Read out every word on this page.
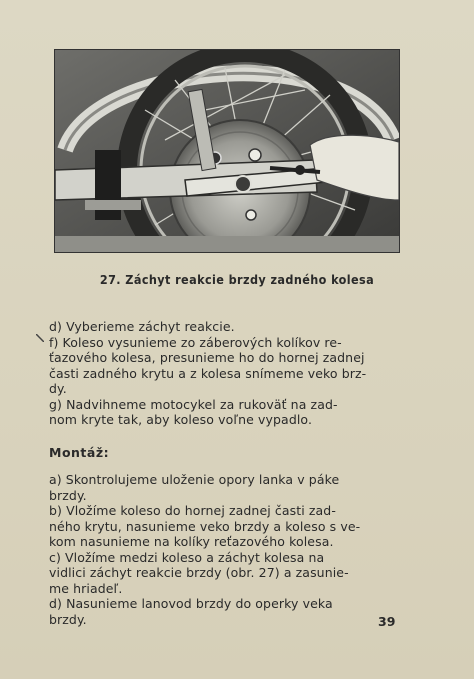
27. Záchyt reakcie brzdy zadného kolesa

d) Vyberieme záchyt reakcie.

f) Koleso vysunieme zo záberových kolíkov re-

ťazového kolesa, presunieme ho do hornej zadnej

časti zadného krytu a z kolesa snímeme veko brz-

dy.

g) Nadvihneme motocykel za rukoväť na zad-

nom kryte tak, aby koleso voľne vypadlo.

Montáž:

a) Skontrolujeme uloženie opory lanka v páke

brzdy.

b) Vložíme koleso do hornej zadnej časti zad-

ného krytu, nasunieme veko brzdy a koleso s ve-

kom nasunieme na kolíky reťazového kolesa.

c) Vložíme medzi koleso a záchyt kolesa na

vidlici záchyt reakcie brzdy (obr. 27) a zasunie-

me hriadeľ.

d) Nasunieme lanovod brzdy do operky veka

brzdy.	39
